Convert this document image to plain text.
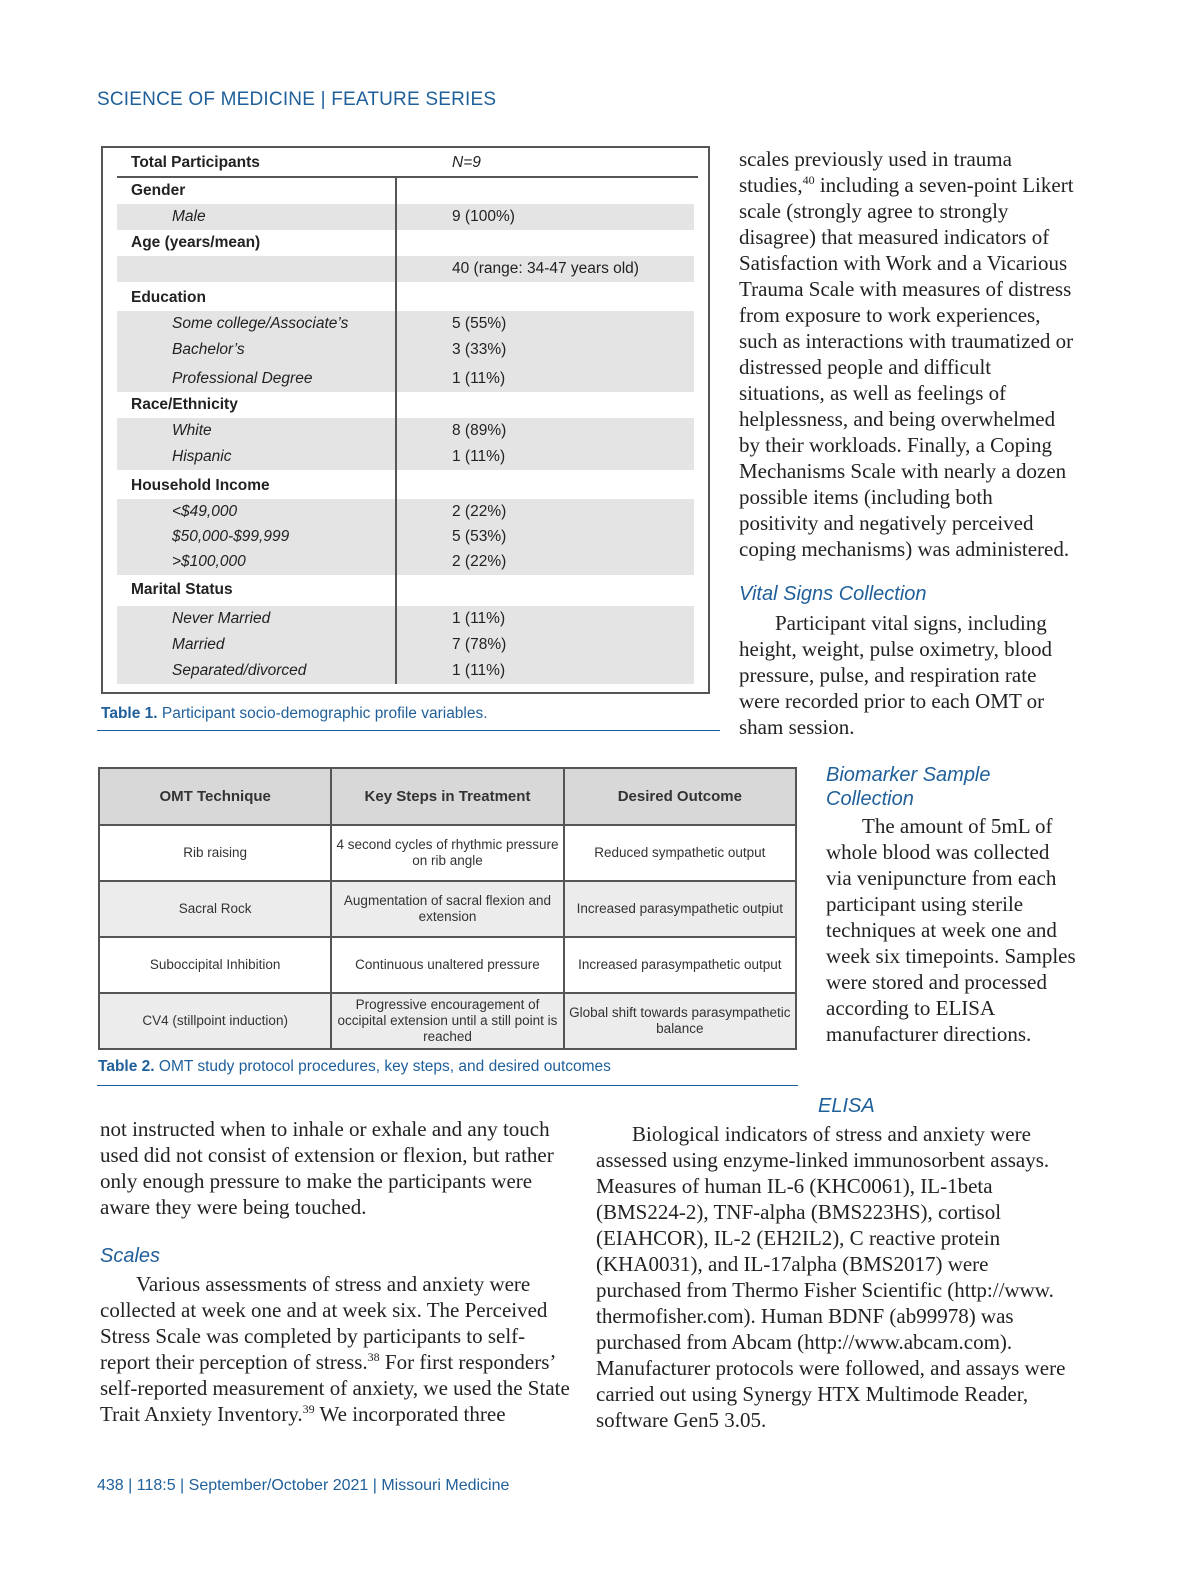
SCIENCE OF MEDICINE | FEATURE SERIES
Total Participants	N=9
Gender
Male	9 (100%)
Age (years/mean)
40 (range: 34-47 years old)
Education
Some college/Associate’s	5 (55%)
Bachelor’s	3 (33%)
Professional Degree	1 (11%)
Race/Ethnicity
White	8 (89%)
Hispanic	1 (11%)
Household Income
<$49,000	2 (22%)
$50,000-$99,999	5 (53%)
>$100,000	2 (22%)
Marital Status
Never Married	1 (11%)
Married	7 (78%)
Separated/divorced	1 (11%)
Table 1. Participant socio-demographic profile variables.

scales previously used in trauma studies,$^{40}$ including a seven-point Likert scale (strongly agree to strongly disagree) that measured indicators of Satisfaction with Work and a Vicarious Trauma Scale with measures of distress from exposure to work experiences, such as interactions with traumatized or distressed people and difficult situations, as well as feelings of helplessness, and being overwhelmed by their workloads. Finally, a Coping Mechanisms Scale with nearly a dozen possible items (including both positivity and negatively perceived coping mechanisms) was administered.

Vital Signs Collection

Participant vital signs, including height, weight, pulse oximetry, blood pressure, pulse, and respiration rate were recorded prior to each OMT or sham session.

Biomarker Sample Collection

The amount of 5mL of whole blood was collected via venipuncture from each participant using sterile techniques at week one and week six timepoints. Samples were stored and processed according to ELISA manufacturer directions.

OMT Technique	Key Steps in Treatment	Desired Outcome
Rib raising	4 second cycles of rhythmic pressure on rib angle	Reduced sympathetic output
Sacral Rock	Augmentation of sacral flexion and extension	Increased parasympathetic outpiut
Suboccipital Inhibition	Continuous unaltered pressure	Increased parasympathetic output
CV4 (stillpoint induction)	Progressive encouragement of occipital extension until a still point is reached	Global shift towards parasympathetic balance
Table 2. OMT study protocol procedures, key steps, and desired outcomes

not instructed when to inhale or exhale and any touch used did not consist of extension or flexion, but rather only enough pressure to make the participants were aware they were being touched.

Scales

Various assessments of stress and anxiety were collected at week one and at week six. The Perceived Stress Scale was completed by participants to self-report their perception of stress.$^{38}$ For first responders’ self-reported measurement of anxiety, we used the State Trait Anxiety Inventory.$^{39}$ We incorporated three

ELISA

Biological indicators of stress and anxiety were assessed using enzyme-linked immunosorbent assays. Measures of human IL-6 (KHC0061), IL-1beta (BMS224-2), TNF-alpha (BMS223HS), cortisol (EIAHCOR), IL-2 (EH2IL2), C reactive protein (KHA0031), and IL-17alpha (BMS2017) were purchased from Thermo Fisher Scientific (http://www. thermofisher.com). Human BDNF (ab99978) was purchased from Abcam (http://www.abcam.com). Manufacturer protocols were followed, and assays were carried out using Synergy HTX Multimode Reader, software Gen5 3.05.

438 | 118:5 | September/October 2021 | Missouri Medicine
